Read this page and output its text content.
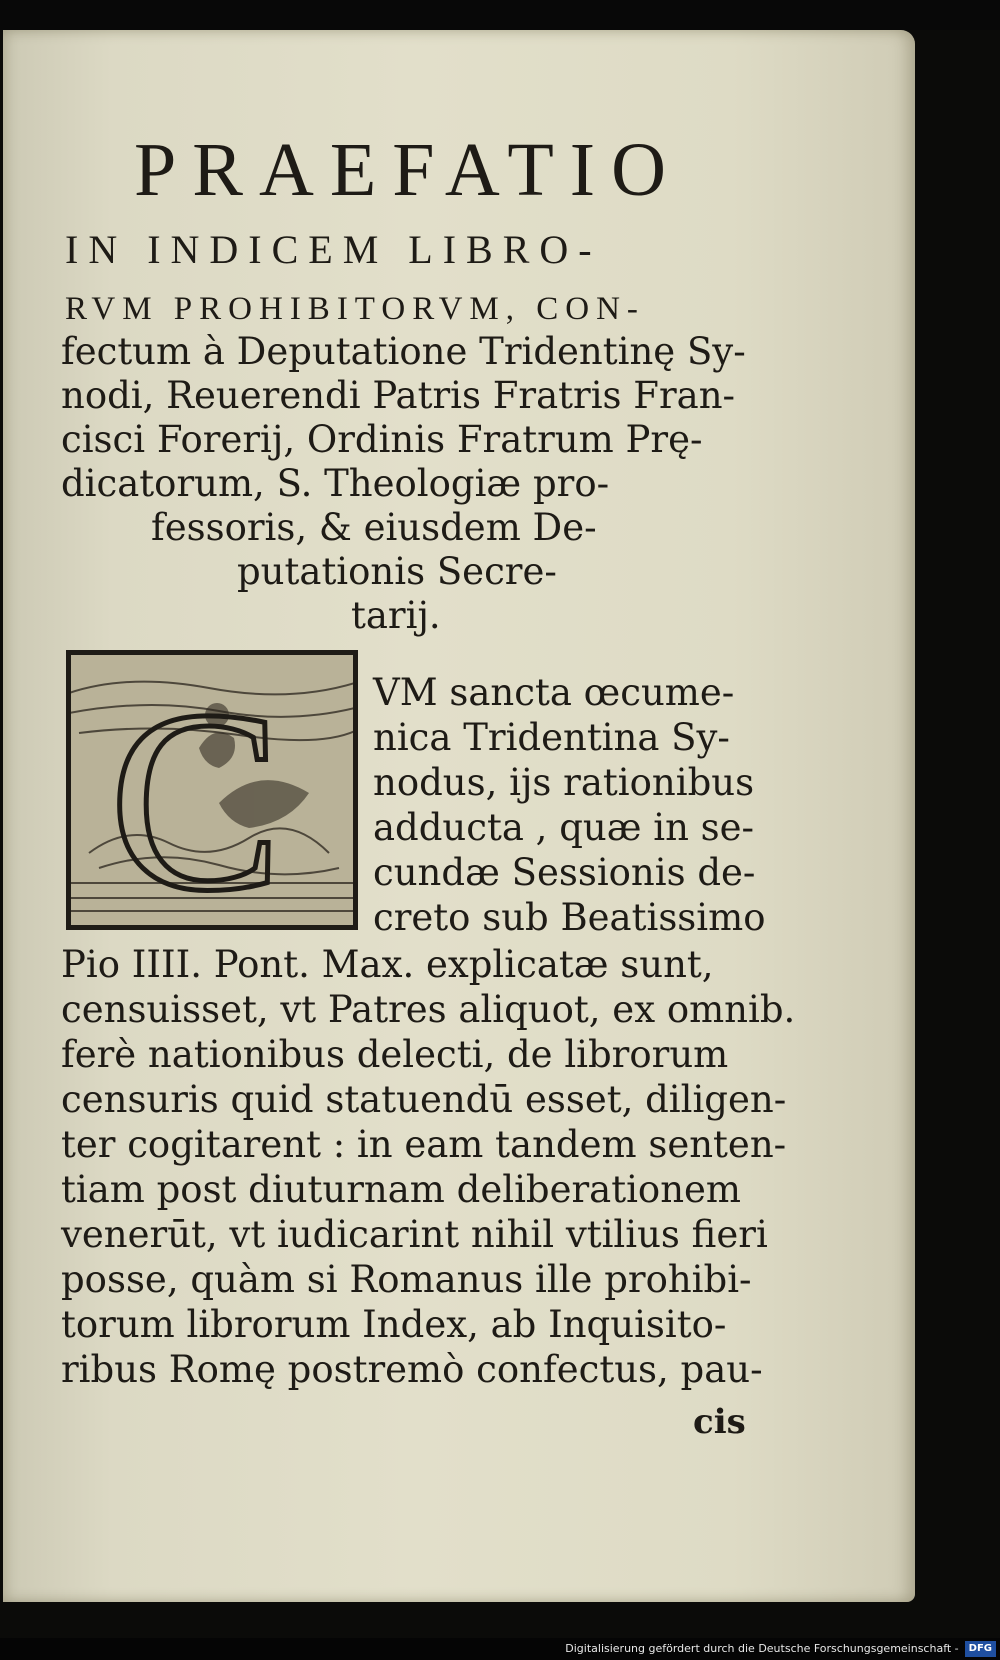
PRAEFATIO
IN INDICEM LIBRO-
RVM PROHIBITORVM, CON-
fectum à Deputatione Tridentinę Sy-
nodi, Reuerendi Patris Fratris Fran-
cisci Forerij, Ordinis Fratrum Prę-
dicatorum, S. Theologiæ pro-
fessoris, & eiusdem De-
putationis Secre-
tarij.
C VM sancta œcume-
nica Tridentina Sy-
nodus, ijs rationibus
adducta , quæ in se-
cundæ Sessionis de-
creto sub Beatissimo
Pio IIII. Pont. Max. explicatæ sunt,
censuisset, vt Patres aliquot, ex omnib.
ferè nationibus delecti, de librorum
censuris quid statuendū esset, diligen-
ter cogitarent : in eam tandem senten-
tiam post diuturnam deliberationem
venerūt, vt iudicarint nihil vtilius fieri
posse, quàm si Romanus ille prohibi-
torum librorum Index, ab Inquisito-
ribus Romę postremò confectus, pau-
cis
Digitalisierung gefördert durch die Deutsche Forschungsgemeinschaft - DFG
